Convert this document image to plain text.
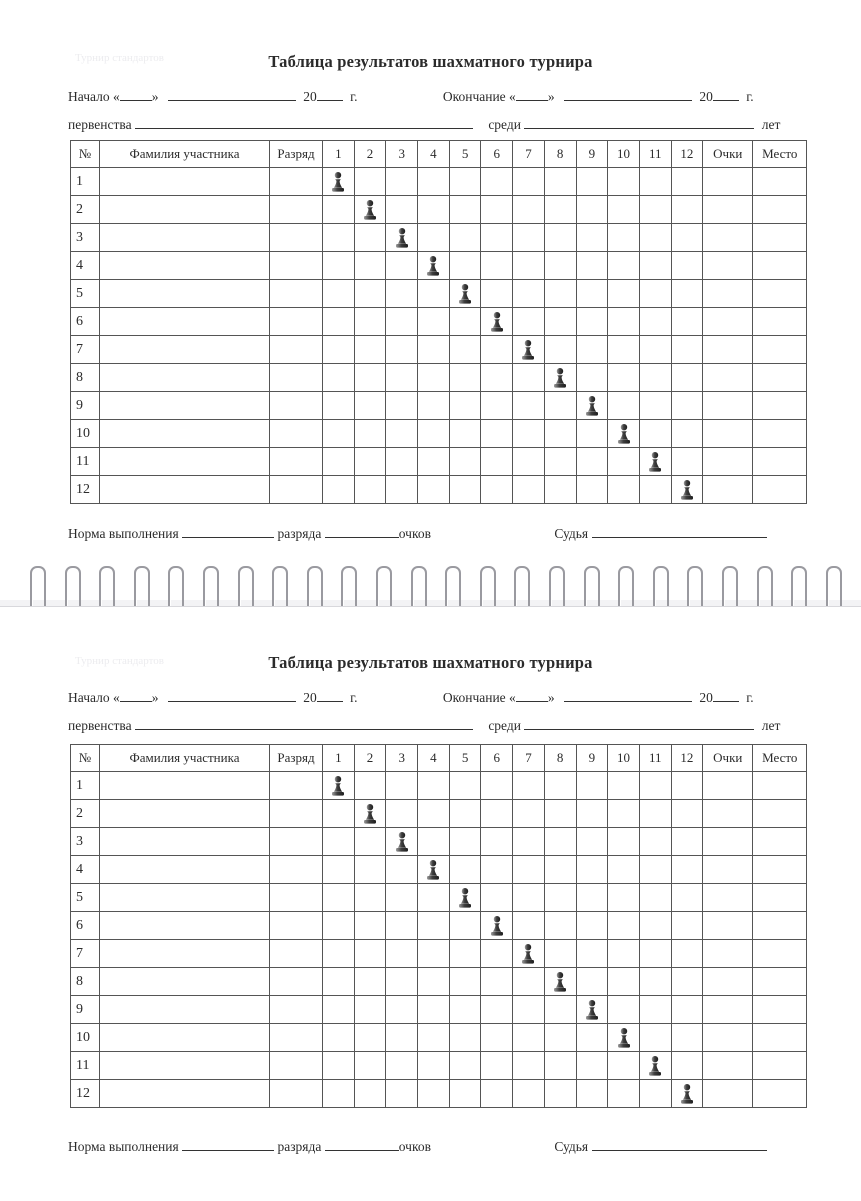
Турнир стандартов	Таблица результатов шахматного турнира
Начало « »	20 г.	Окончание « »	20 г.
первенства	среди	лет
№	Фамилия участника	Разряд	1	2	3	4	5	6	7	8	9	10	11	12	Очки	Место
1			

2				

3					

4						

5							

6								

7									

8										

9											

10												

11													

12														

Норма выполнения	разряда	очков	Судья
Турнир стандартов	Таблица результатов шахматного турнира
Начало « »	20 г.	Окончание « »	20 г.
первенства	среди	лет
№	Фамилия участника	Разряд	1	2	3	4	5	6	7	8	9	10	11	12	Очки	Место
1			

2				

3					

4						

5							

6								

7									

8										

9											

10												

11													

12														

Норма выполнения	разряда	очков	Судья
